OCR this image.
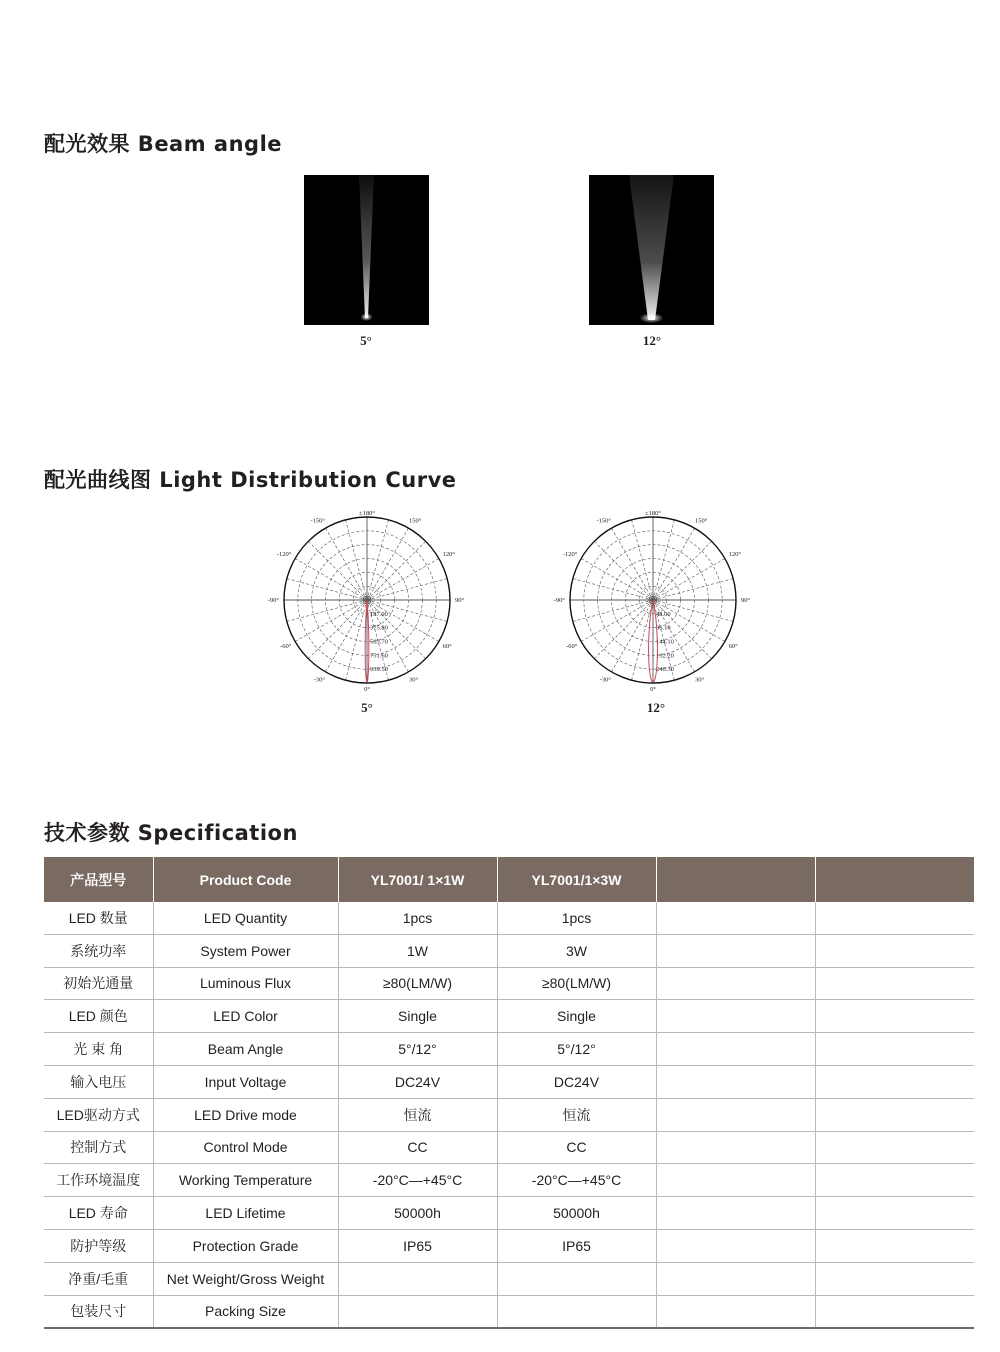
配光效果 Beam angle
5°	12°
配光曲线图 Light Distribution Curve
±180°
150°
120°
90°
60°
30°
0°
-30°
-60°
-90°
-120°
-150°
187.90
375.80
563.70
751.60
939.50
5°
±180°
150°
120°
90°
60°
30°
0°
-30°
-60°
-90°
-120°
-150°
48.00
96.10
144.10
192.20
240.30
12°
技术参数 Specification
产品型号	Product Code	YL7001/ 1×1W	YL7001/1×3W		
LED 数量	LED Quantity	1pcs	1pcs		
系统功率	System Power	1W	3W		
初始光通量	Luminous Flux	≥80(LM/W)	≥80(LM/W)		
LED 颜色	LED Color	Single	Single		
光 束 角	Beam Angle	5°/12°	5°/12°		
输入电压	Input Voltage	DC24V	DC24V		
LED驱动方式	LED Drive mode	恒流	恒流		
控制方式	Control Mode	CC	CC		
工作环境温度	Working Temperature	-20°C—+45°C	-20°C—+45°C		
LED 寿命	LED Lifetime	50000h	50000h		
防护等级	Protection Grade	IP65	IP65		
净重/毛重	Net Weight/Gross Weight				
包装尺寸	Packing Size				
